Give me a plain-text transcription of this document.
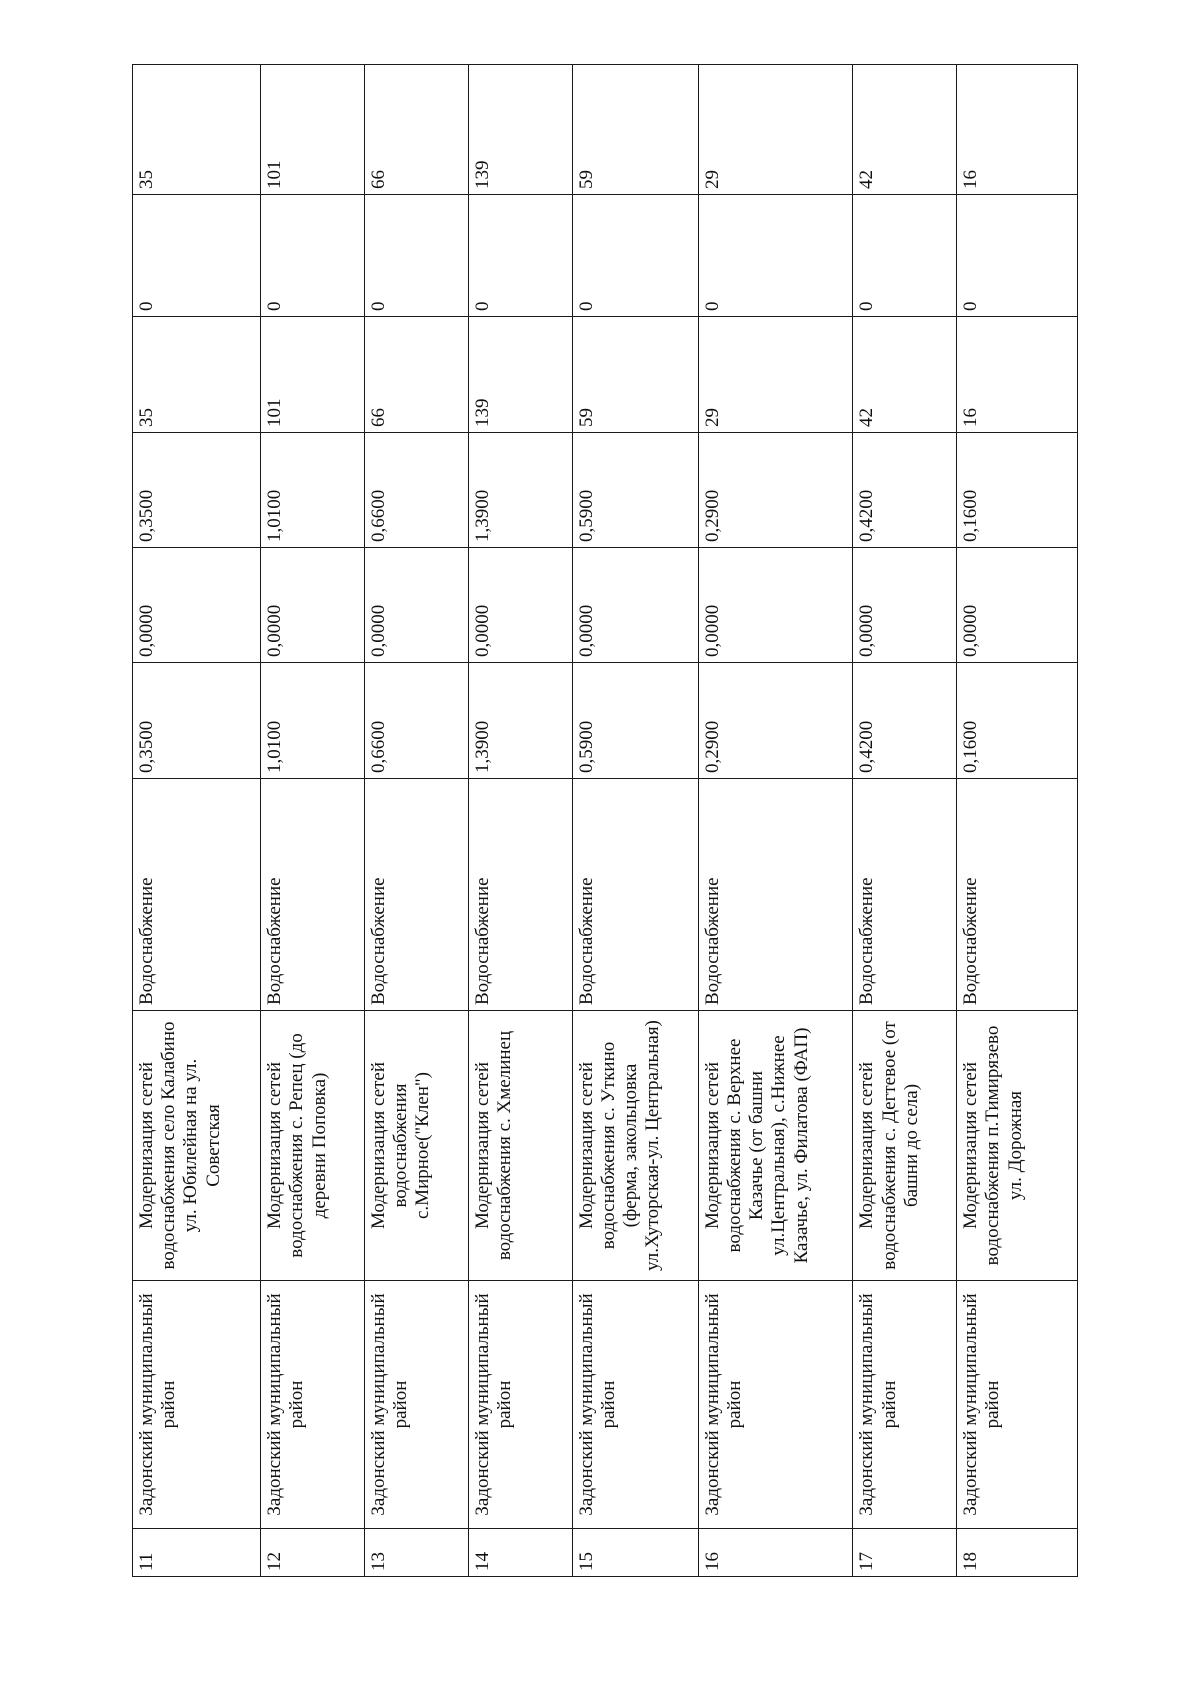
11	Задонский муниципальный район	Модернизация сетей водоснабжения село Калабино ул. Юбилейная на ул. Советская	Водоснабжение	0,3500	0,0000	0,3500	35	0	35
12	Задонский муниципальный район	Модернизация сетей водоснабжения с. Репец (до деревни Поповка)	Водоснабжение	1,0100	0,0000	1,0100	101	0	101
13	Задонский муниципальный район	Модернизация сетей водоснабжения с.Мирное("Клен")	Водоснабжение	0,6600	0,0000	0,6600	66	0	66
14	Задонский муниципальный район	Модернизация сетей водоснабжения с. Хмелинец	Водоснабжение	1,3900	0,0000	1,3900	139	0	139
15	Задонский муниципальный район	Модернизация сетей водоснабжения с. Уткино (ферма, закольцовка ул.Хуторская-ул. Центральная)	Водоснабжение	0,5900	0,0000	0,5900	59	0	59
16	Задонский муниципальный район	Модернизация сетей водоснабжения с. Верхнее Казачье (от башни ул.Центральная), с.Нижнее Казачье, ул. Филатова (ФАП)	Водоснабжение	0,2900	0,0000	0,2900	29	0	29
17	Задонский муниципальный район	Модернизация сетей водоснабжения с. Дегтевое (от башни до села)	Водоснабжение	0,4200	0,0000	0,4200	42	0	42
18	Задонский муниципальный район	Модернизация сетей водоснабжения п.Тимирязево ул. Дорожная	Водоснабжение	0,1600	0,0000	0,1600	16	0	16
